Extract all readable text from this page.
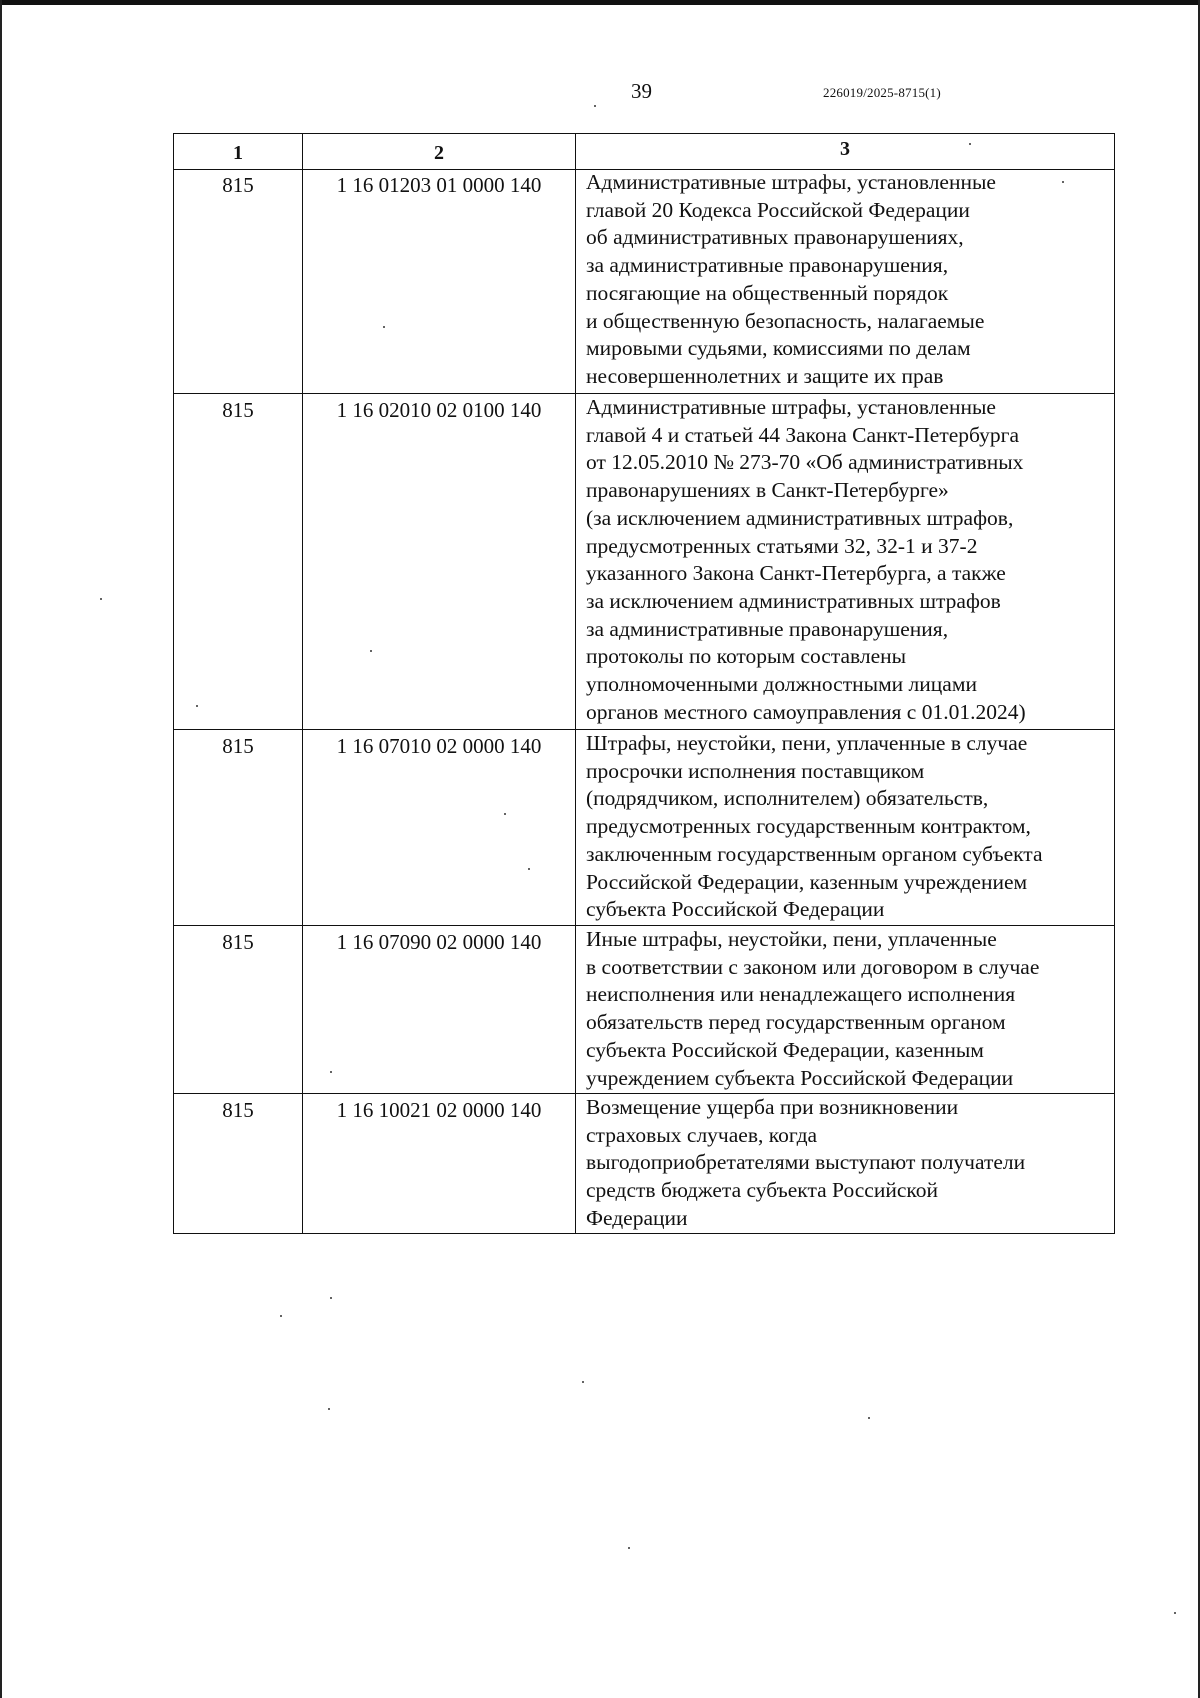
39	226019/2025-8715(1)
1	2	3
815	1 16 01203 01 0000 140	Административные штрафы, установленные
главой 20 Кодекса Российской Федерации
об административных правонарушениях,
за административные правонарушения,
посягающие на общественный порядок
и общественную безопасность, налагаемые
мировыми судьями, комиссиями по делам
несовершеннолетних и защите их прав
815	1 16 02010 02 0100 140	Административные штрафы, установленные
главой 4 и статьей 44 Закона Санкт-Петербурга
от 12.05.2010 № 273-70 «Об административных
правонарушениях в Санкт-Петербурге»
(за исключением административных штрафов,
предусмотренных статьями 32, 32-1 и 37-2
указанного Закона Санкт-Петербурга, а также
за исключением административных штрафов
за административные правонарушения,
протоколы по которым составлены
уполномоченными должностными лицами
органов местного самоуправления с 01.01.2024)
815	1 16 07010 02 0000 140	Штрафы, неустойки, пени, уплаченные в случае
просрочки исполнения поставщиком
(подрядчиком, исполнителем) обязательств,
предусмотренных государственным контрактом,
заключенным государственным органом субъекта
Российской Федерации, казенным учреждением
субъекта Российской Федерации
815	1 16 07090 02 0000 140	Иные штрафы, неустойки, пени, уплаченные
в соответствии с законом или договором в случае
неисполнения или ненадлежащего исполнения
обязательств перед государственным органом
субъекта Российской Федерации, казенным
учреждением субъекта Российской Федерации
815	1 16 10021 02 0000 140	Возмещение ущерба при возникновении
страховых случаев, когда
выгодоприобретателями выступают получатели
средств бюджета субъекта Российской
Федерации
